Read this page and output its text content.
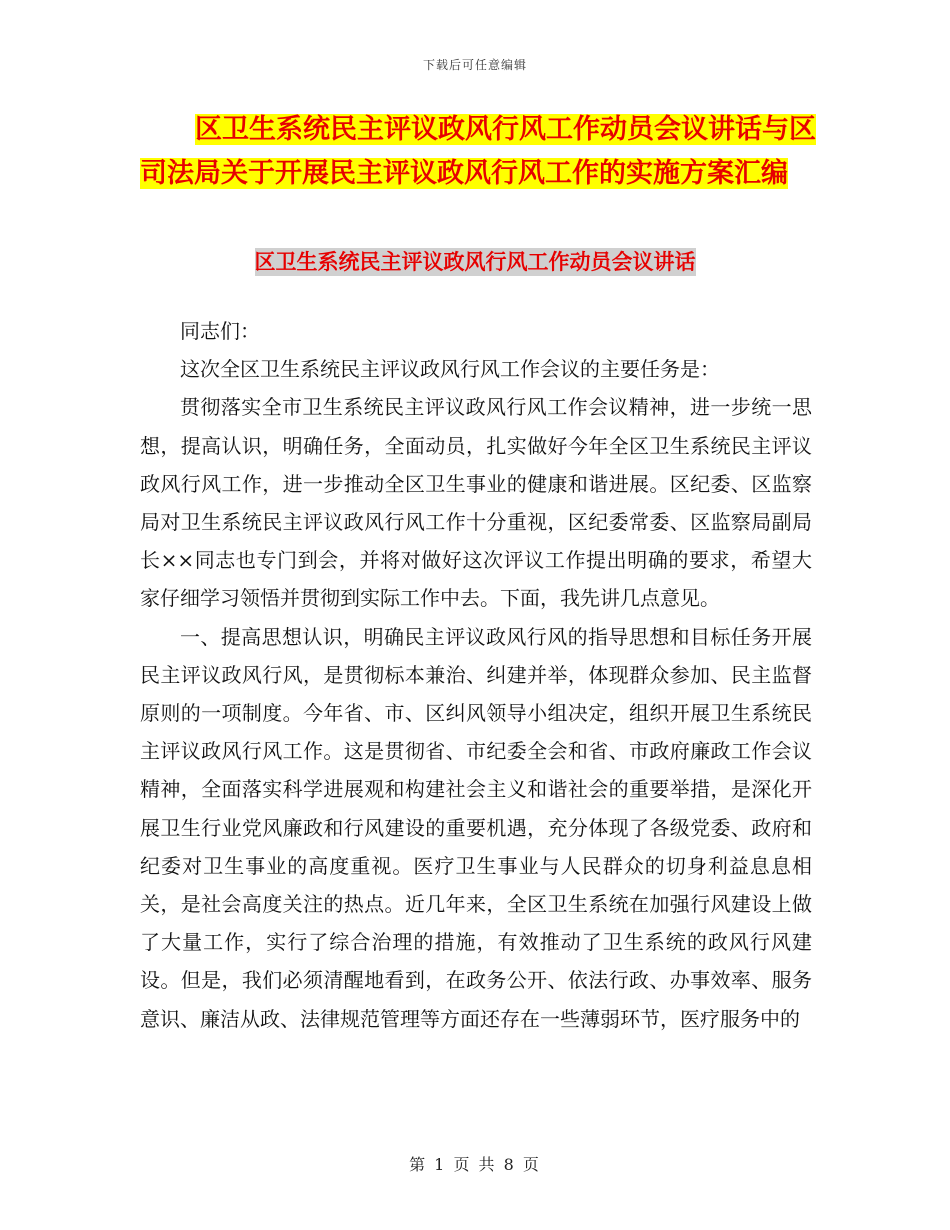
下载后可任意编辑
区卫生系统民主评议政风行风工作动员会议讲话与区
司法局关于开展民主评议政风行风工作的实施方案汇编
区卫生系统民主评议政风行风工作动员会议讲话

同志们：

这次全区卫生系统民主评议政风行风工作会议的主要任务是：

贯彻落实全市卫生系统民主评议政风行风工作会议精神，进一步统一思想，提高认识，明确任务，全面动员，扎实做好今年全区卫生系统民主评议政风行风工作，进一步推动全区卫生事业的健康和谐进展。区纪委、区监察局对卫生系统民主评议政风行风工作十分重视，区纪委常委、区监察局副局长××同志也专门到会，并将对做好这次评议工作提出明确的要求，希望大家仔细学习领悟并贯彻到实际工作中去。下面，我先讲几点意见。

一、提高思想认识，明确民主评议政风行风的指导思想和目标任务开展民主评议政风行风，是贯彻标本兼治、纠建并举，体现群众参加、民主监督原则的一项制度。今年省、市、区纠风领导小组决定，组织开展卫生系统民主评议政风行风工作。这是贯彻省、市纪委全会和省、市政府廉政工作会议精神，全面落实科学进展观和构建社会主义和谐社会的重要举措，是深化开展卫生行业党风廉政和行风建设的重要机遇，充分体现了各级党委、政府和纪委对卫生事业的高度重视。医疗卫生事业与人民群众的切身利益息息相关，是社会高度关注的热点。近几年来，全区卫生系统在加强行风建设上做了大量工作，实行了综合治理的措施，有效推动了卫生系统的政风行风建设。但是，我们必须清醒地看到，在政务公开、依法行政、办事效率、服务意识、廉洁从政、法律规范管理等方面还存在一些薄弱环节，医疗服务中的

第 1 页 共 8 页
